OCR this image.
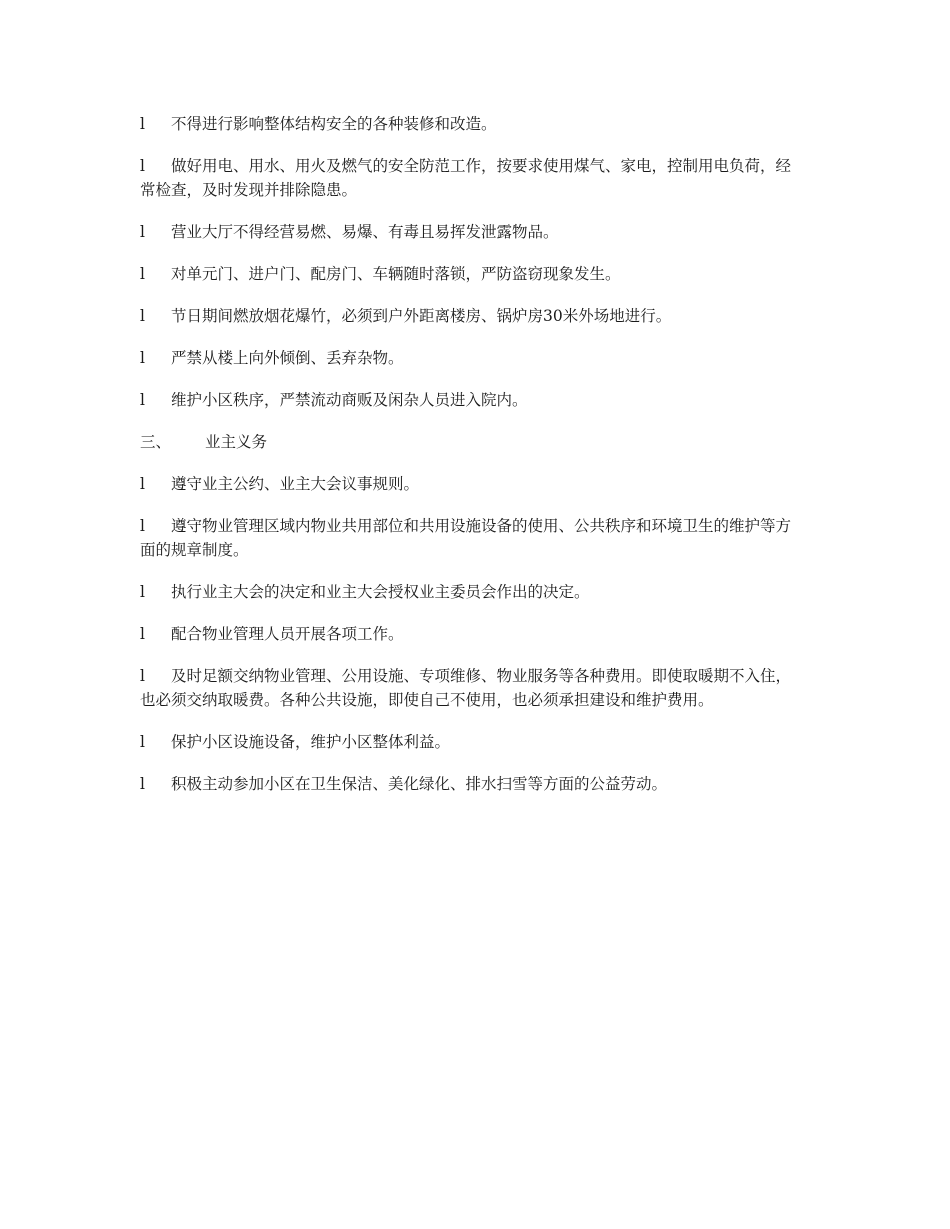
l 不得进行影响整体结构安全的各种装修和改造。

l 做好用电、用水、用火及燃气的安全防范工作，按要求使用煤气、家电，控制用电负荷，经常检查，及时发现并排除隐患。

l 营业大厅不得经营易燃、易爆、有毒且易挥发泄露物品。

l 对单元门、进户门、配房门、车辆随时落锁，严防盗窃现象发生。

l 节日期间燃放烟花爆竹，必须到户外距离楼房、锅炉房30米外场地进行。

l 严禁从楼上向外倾倒、丢弃杂物。

l 维护小区秩序，严禁流动商贩及闲杂人员进入院内。

三、 业主义务

l 遵守业主公约、业主大会议事规则。

l 遵守物业管理区域内物业共用部位和共用设施设备的使用、公共秩序和环境卫生的维护等方面的规章制度。

l 执行业主大会的决定和业主大会授权业主委员会作出的决定。

l 配合物业管理人员开展各项工作。

l 及时足额交纳物业管理、公用设施、专项维修、物业服务等各种费用。即使取暖期不入住，也必须交纳取暖费。各种公共设施，即使自己不使用，也必须承担建设和维护费用。

l 保护小区设施设备，维护小区整体利益。

l 积极主动参加小区在卫生保洁、美化绿化、排水扫雪等方面的公益劳动。
